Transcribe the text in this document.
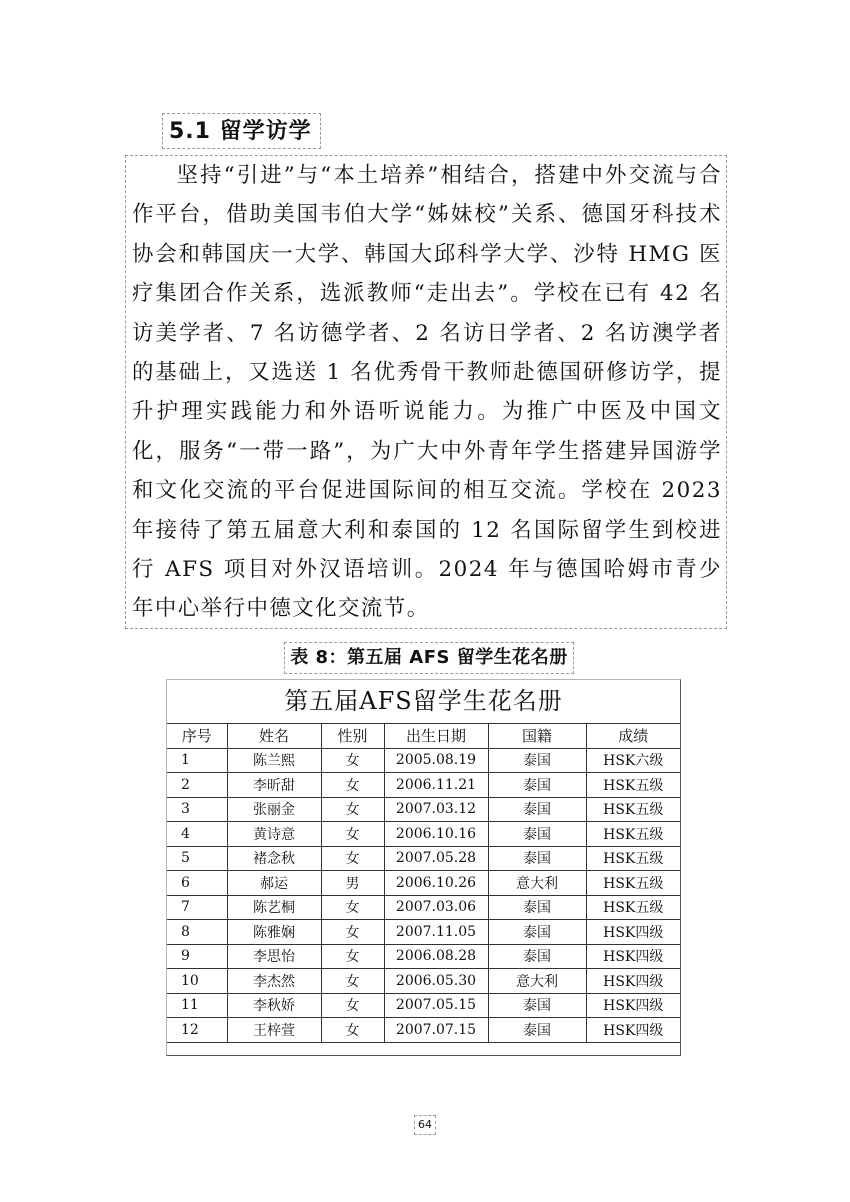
5.1 留学访学
坚持“引进”与“本土培养”相结合，搭建中外交流与合作平台，借助美国韦伯大学“姊妹校”关系、德国牙科技术协会和韩国庆一大学、韩国大邱科学大学、沙特 HMG 医疗集团合作关系，选派教师“走出去”。学校在已有 42 名访美学者、7 名访德学者、2 名访日学者、2 名访澳学者的基础上，又选送 1 名优秀骨干教师赴德国研修访学，提升护理实践能力和外语听说能力。为推广中医及中国文化，服务“一带一路”，为广大中外青年学生搭建异国游学和文化交流的平台促进国际间的相互交流。学校在 2023 年接待了第五届意大利和泰国的 12 名国际留学生到校进行 AFS 项目对外汉语培训。2024 年与德国哈姆市青少年中心举行中德文化交流节。
表 8：第五届 AFS 留学生花名册
第五届AFS留学生花名册
序号	姓名	性别	出生日期	国籍	成绩
1	陈兰熙	女	2005.08.19	泰国	HSK六级
2	李昕甜	女	2006.11.21	泰国	HSK五级
3	张丽金	女	2007.03.12	泰国	HSK五级
4	黄诗意	女	2006.10.16	泰国	HSK五级
5	褚念秋	女	2007.05.28	泰国	HSK五级
6	郝运	男	2006.10.26	意大利	HSK五级
7	陈艺桐	女	2007.03.06	泰国	HSK五级
8	陈雅娴	女	2007.11.05	泰国	HSK四级
9	李思怡	女	2006.08.28	泰国	HSK四级
10	李杰然	女	2006.05.30	意大利	HSK四级
11	李秋娇	女	2007.05.15	泰国	HSK四级
12	王梓萱	女	2007.07.15	泰国	HSK四级
64
